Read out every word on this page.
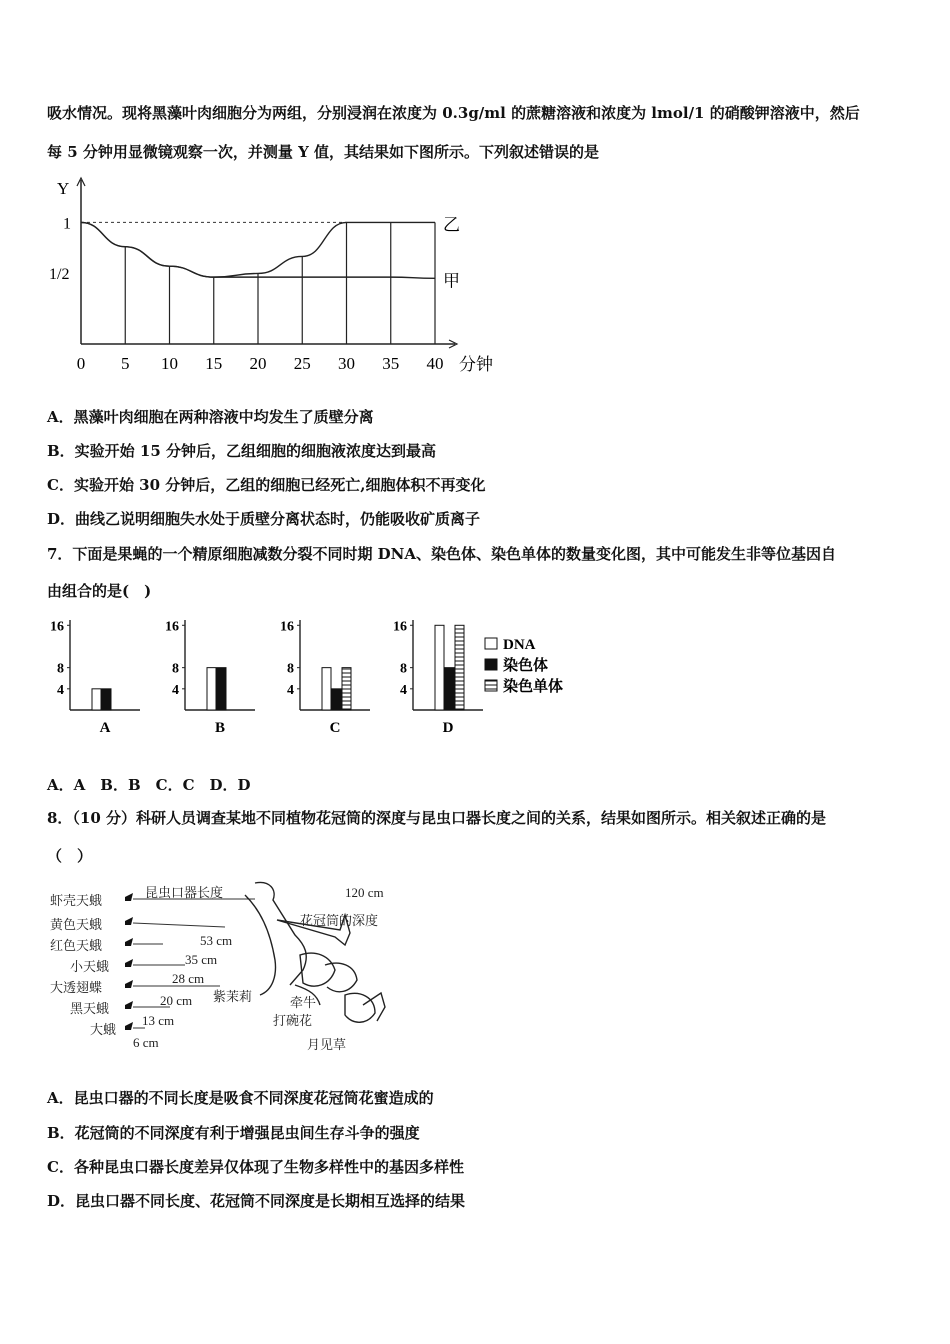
吸水情况。现将黑藻叶肉细胞分为两组，分别浸润在浓度为 0.3g/ml 的蔗糖溶液和浓度为 lmol/1 的硝酸钾溶液中，然后
每 5 分钟用显微镜观察一次，并测量 Y 值，其结果如下图所示。下列叙述错误的是
乙
甲
0 5 10 15 20 25 30 35 40 分钟
Y
1
1/2
A．黑藻叶肉细胞在两种溶液中均发生了质壁分离
B．实验开始 15 分钟后，乙组细胞的细胞液浓度达到最高
C．实验开始 30 分钟后，乙组的细胞已经死亡,细胞体积不再变化
D．曲线乙说明细胞失水处于质壁分离状态时，仍能吸收矿质离子
7．下面是果蝇的一个精原细胞减数分裂不同时期 DNA、染色体、染色单体的数量变化图，其中可能发生非等位基因自
由组合的是(　)
16
8
4
A
16
8
4
B
16
8
4
C
16
8
4
D
DNA
染色体
染色单体
A．A　B．B　C．C　D．D
8．（10 分）科研人员调查某地不同植物花冠筒的深度与昆虫口器长度之间的关系，结果如图所示。相关叙述正确的是
（　）
虾壳天蛾
黄色天蛾
红色天蛾
小天蛾
大透翅蝶
黑天蛾
大蛾
昆虫口器长度	120 cm
花冠筒的深度
53 cm
35 cm
28 cm
20 cm
13 cm
6 cm
紫茉莉	牵牛
打碗花
月见草
A．昆虫口器的不同长度是吸食不同深度花冠筒花蜜造成的
B．花冠筒的不同深度有利于增强昆虫间生存斗争的强度
C．各种昆虫口器长度差异仅体现了生物多样性中的基因多样性
D．昆虫口器不同长度、花冠筒不同深度是长期相互选择的结果
